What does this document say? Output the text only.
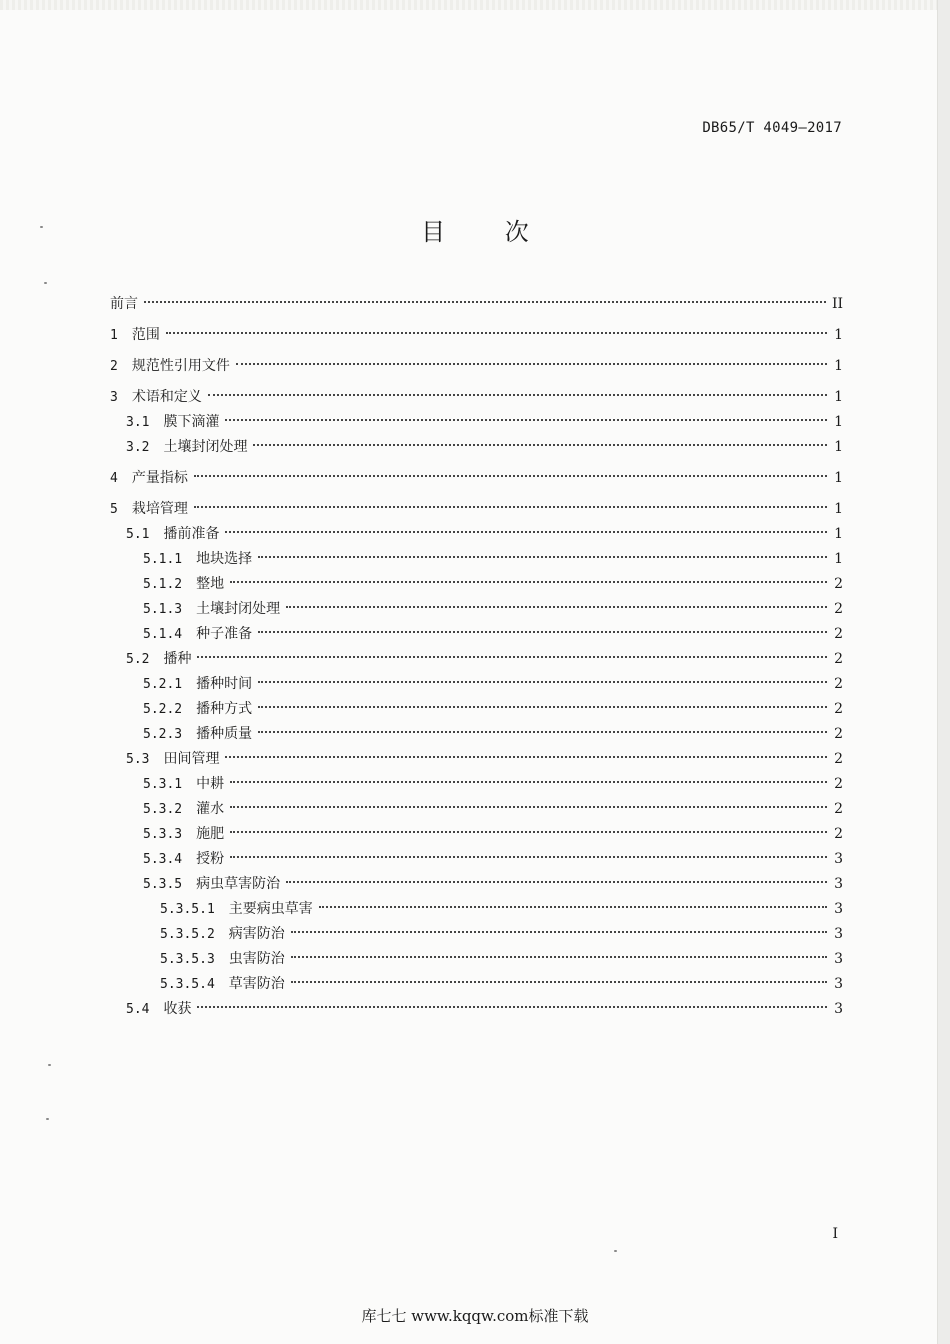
DB65/T 4049—2017
目 次
前言	II
1 范围	1
2 规范性引用文件	1
3 术语和定义	1
3.1 膜下滴灌	1
3.2 土壤封闭处理	1
4 产量指标	1
5 栽培管理	1
5.1 播前准备	1
5.1.1 地块选择	1
5.1.2 整地	2
5.1.3 土壤封闭处理	2
5.1.4 种子准备	2
5.2 播种	2
5.2.1 播种时间	2
5.2.2 播种方式	2
5.2.3 播种质量	2
5.3 田间管理	2
5.3.1 中耕	2
5.3.2 灌水	2
5.3.3 施肥	2
5.3.4 授粉	3
5.3.5 病虫草害防治	3
5.3.5.1 主要病虫草害	3
5.3.5.2 病害防治	3
5.3.5.3 虫害防治	3
5.3.5.4 草害防治	3
5.4 收获	3
I
库七七 www.kqqw.com标准下载
